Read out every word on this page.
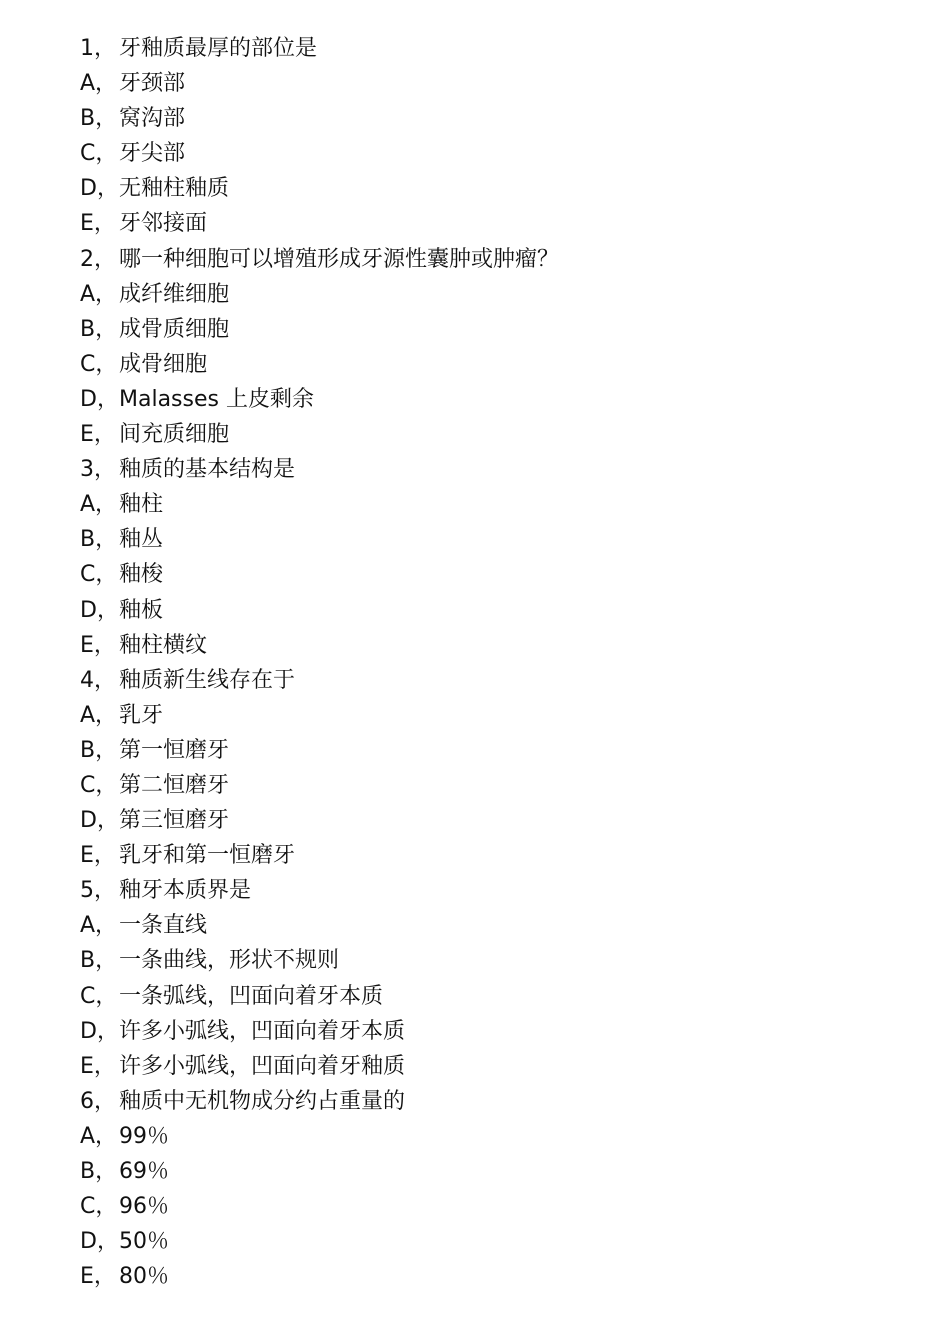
1， 牙釉质最厚的部位是
A， 牙颈部
B， 窝沟部
C， 牙尖部
D， 无釉柱釉质
E， 牙邻接面
2， 哪一种细胞可以增殖形成牙源性囊肿或肿瘤？
A， 成纤维细胞
B， 成骨质细胞
C， 成骨细胞
D， Malasses 上皮剩余
E， 间充质细胞
3， 釉质的基本结构是
A， 釉柱
B， 釉丛
C， 釉梭
D， 釉板
E， 釉柱横纹
4， 釉质新生线存在于
A， 乳牙
B， 第一恒磨牙
C， 第二恒磨牙
D， 第三恒磨牙
E， 乳牙和第一恒磨牙
5， 釉牙本质界是
A， 一条直线
B， 一条曲线，形状不规则
C， 一条弧线，凹面向着牙本质
D， 许多小弧线，凹面向着牙本质
E， 许多小弧线，凹面向着牙釉质
6， 釉质中无机物成分约占重量的
A， 99％
B， 69％
C， 96％
D， 50％
E， 80％
